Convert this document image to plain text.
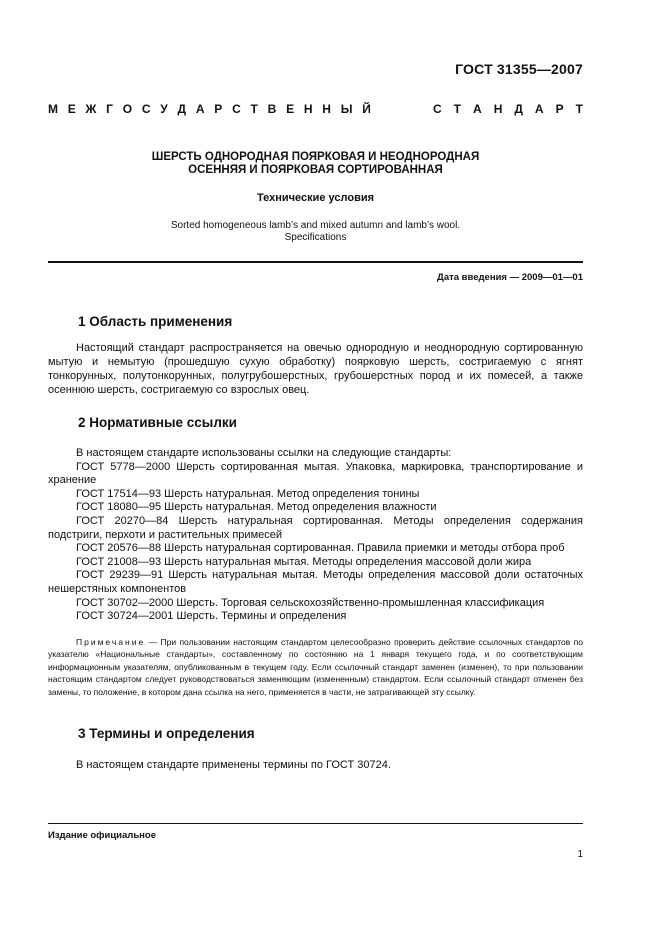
ГОСТ 31355—2007
М Е Ж Г О С У Д А Р С Т В Е Н Н Ы Й	С Т А Н Д А Р Т
ШЕРСТЬ ОДНОРОДНАЯ ПОЯРКОВАЯ И НЕОДНОРОДНАЯ
ОСЕННЯЯ И ПОЯРКОВАЯ СОРТИРОВАННАЯ
Технические условия
Sorted homogeneous lamb’s and mixed autumn and lamb’s wool.
Specifications
Дата введения — 2009—01—01
1 Область применения
Настоящий стандарт распространяется на овечью однородную и неоднородную сортированную мытую и немытую (прошедшую сухую обработку) поярковую шерсть, состригаемую с ягнят тонкорунных, полутонкорунных, полугрубошерстных, грубошерстных пород и их помесей, а также осеннюю шерсть, состригаемую со взрослых овец.
2 Нормативные ссылки
В настоящем стандарте использованы ссылки на следующие стандарты:
ГОСТ 5778—2000 Шерсть сортированная мытая. Упаковка, маркировка, транспортирование и хранение
ГОСТ 17514—93 Шерсть натуральная. Метод определения тонины
ГОСТ 18080—95 Шерсть натуральная. Метод определения влажности
ГОСТ 20270—84 Шерсть натуральная сортированная. Методы определения содержания подстриги, перхоти и растительных примесей
ГОСТ 20576—88 Шерсть натуральная сортированная. Правила приемки и методы отбора проб
ГОСТ 21008—93 Шерсть натуральная мытая. Методы определения массовой доли жира
ГОСТ 29239—91 Шерсть натуральная мытая. Методы определения массовой доли остаточных нешерстяных компонентов
ГОСТ 30702—2000 Шерсть. Торговая сельскохозяйственно-промышленная классификация
ГОСТ 30724—2001 Шерсть. Термины и определения
Примечание — При пользовании настоящим стандартом целесообразно проверить действие ссылочных стандартов по указателю «Национальные стандарты», составленному по состоянию на 1 января текущего года, и по соответствующим информационным указателям, опубликованным в текущем году. Если ссылочный стандарт заменен (изменен), то при пользовании настоящим стандартом следует руководствоваться заменяющим (измененным) стандартом. Если ссылочный стандарт отменен без замены, то положение, в котором дана ссылка на него, применяется в части, не затрагивающей эту ссылку.
3 Термины и определения
В настоящем стандарте применены термины по ГОСТ 30724.
Издание официальное
1
